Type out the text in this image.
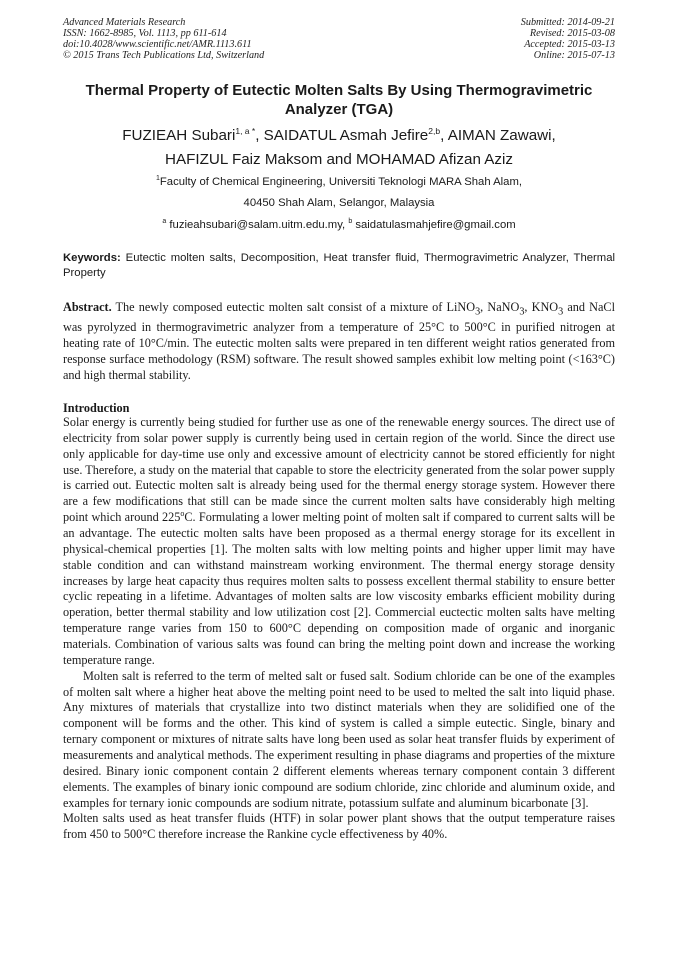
Advanced Materials Research
ISSN: 1662-8985, Vol. 1113, pp 611-614
doi:10.4028/www.scientific.net/AMR.1113.611
© 2015 Trans Tech Publications Ltd, Switzerland
Submitted: 2014-09-21
Revised: 2015-03-08
Accepted: 2015-03-13
Online: 2015-07-13
Thermal Property of Eutectic Molten Salts By Using Thermogravimetric
Analyzer (TGA)
FUZIEAH Subari$^{1, a *}$, SAIDATUL Asmah Jefire$^{2,b}$, AIMAN Zawawi,
HAFIZUL Faiz Maksom and MOHAMAD Afizan Aziz
$^1$Faculty of Chemical Engineering, Universiti Teknologi MARA Shah Alam,
40450 Shah Alam, Selangor, Malaysia
$^a$ fuzieahsubari@salam.uitm.edu.my, $^b$ saidatulasmahjefire@gmail.com
Keywords: Eutectic molten salts, Decomposition, Heat transfer fluid, Thermogravimetric Analyzer, Thermal Property
Abstract. The newly composed eutectic molten salt consist of a mixture of LiNO$_3$, NaNO$_3$, $KNO_3$ and NaCl was pyrolyzed in thermogravimetric analyzer from a temperature of 25°C to 500°C in purified nitrogen at heating rate of 10°C/min. The eutectic molten salts were prepared in ten different weight ratios generated from response surface methodology (RSM) software. The result showed samples exhibit low melting point (<163°C) and high thermal stability.
Introduction

Solar energy is currently being studied for further use as one of the renewable energy sources. The direct use of electricity from solar power supply is currently being used in certain region of the world. Since the direct use only applicable for day-time use only and excessive amount of electricity cannot be stored efficiently for night use. Therefore, a study on the material that capable to store the electricity generated from the solar power supply is carried out. Eutectic molten salt is already being used for the thermal energy storage system. However there are a few modifications that still can be made since the current molten salts have considerably high melting point which around 225$^o$C. Formulating a lower melting point of molten salt if compared to current salts will be an advantage. The eutectic molten salts have been proposed as a thermal energy storage for its excellent in physical-chemical properties [1]. The molten salts with low melting points and higher upper limit may have stable condition and can withstand mainstream working environment. The thermal energy storage density increases by large heat capacity thus requires molten salts to possess excellent thermal stability to ensure better cyclic repeating in a lifetime. Advantages of molten salts are low viscosity embarks efficient mobility during operation, better thermal stability and low utilization cost [2]. Commercial euctectic molten salts have melting temperature range varies from 150 to 600°C depending on composition made of organic and inorganic materials. Combination of various salts was found can bring the melting point down and increase the working temperature range.

Molten salt is referred to the term of melted salt or fused salt. Sodium chloride can be one of the examples of molten salt where a higher heat above the melting point need to be used to melted the salt into liquid phase. Any mixtures of materials that crystallize into two distinct materials when they are solidified one of the component will be forms and the other. This kind of system is called a simple eutectic. Single, binary and ternary component or mixtures of nitrate salts have long been used as solar heat transfer fluids by experiment of measurements and analytical methods. The experiment resulting in phase diagrams and properties of the mixture desired. Binary ionic component contain 2 different elements whereas ternary component contain 3 different elements. The examples of binary ionic compound are sodium chloride, zinc chloride and aluminum oxide, and examples for ternary ionic compounds are sodium nitrate, potassium sulfate and aluminum bicarbonate [3].

Molten salts used as heat transfer fluids (HTF) in solar power plant shows that the output temperature raises from 450 to 500°C therefore increase the Rankine cycle effectiveness by 40%.
